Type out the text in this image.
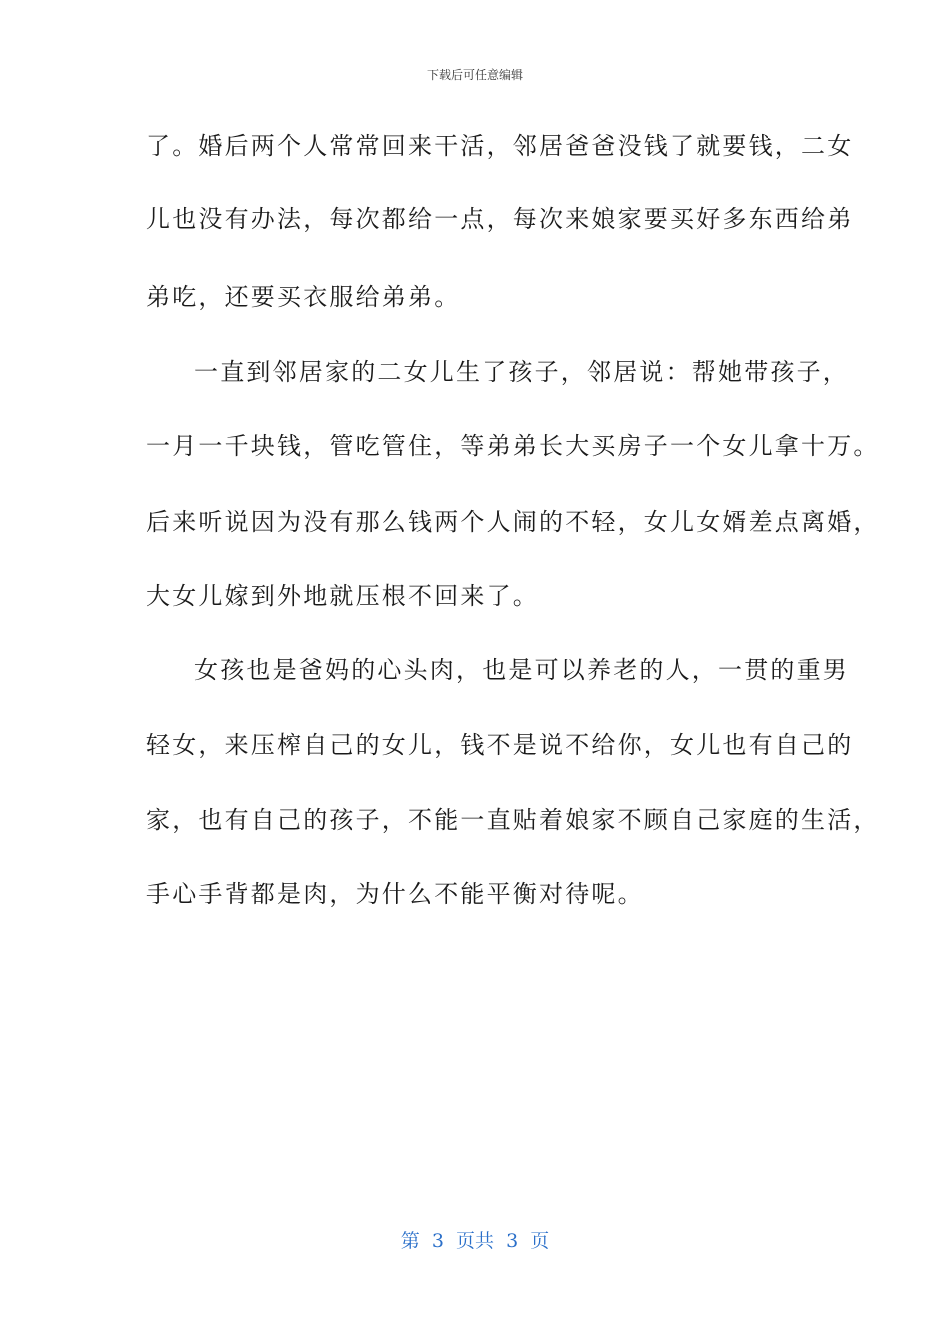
下载后可任意编辑
了。婚后两个人常常回来干活，邻居爸爸没钱了就要钱，二女
儿也没有办法，每次都给一点，每次来娘家要买好多东西给弟
弟吃，还要买衣服给弟弟。
一直到邻居家的二女儿生了孩子，邻居说：帮她带孩子，
一月一千块钱，管吃管住，等弟弟长大买房子一个女儿拿十万。
后来听说因为没有那么钱两个人闹的不轻，女儿女婿差点离婚，
大女儿嫁到外地就压根不回来了。
女孩也是爸妈的心头肉，也是可以养老的人，一贯的重男
轻女，来压榨自己的女儿，钱不是说不给你，女儿也有自己的
家，也有自己的孩子，不能一直贴着娘家不顾自己家庭的生活，
手心手背都是肉，为什么不能平衡对待呢。
第  3  页共  3  页
